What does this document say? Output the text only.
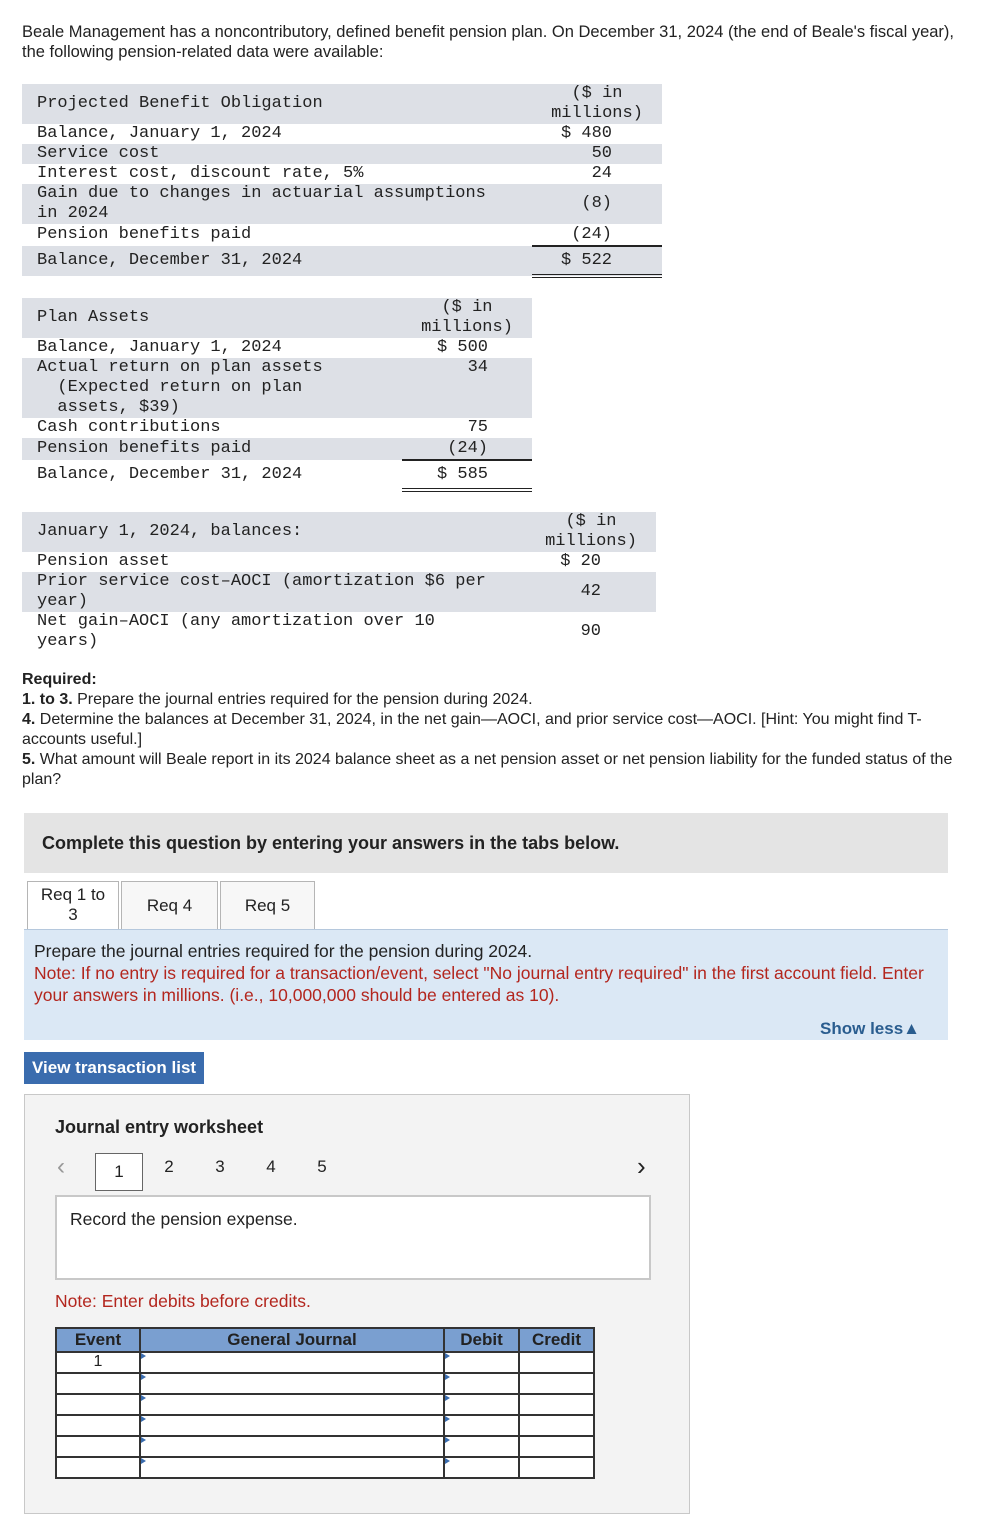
Beale Management has a noncontributory, defined benefit pension plan. On December 31, 2024 (the end of Beale's fiscal year), the following pension-related data were available:
Projected Benefit Obligation	($ in
millions)
Balance, January 1, 2024	$ 480
Service cost	50
Interest cost, discount rate, 5%	24
Gain due to changes in actuarial assumptions
in 2024	(8)
Pension benefits paid	(24)
Balance, December 31, 2024	$ 522
Plan Assets	($ in
millions)
Balance, January 1, 2024	$ 500
Actual return on plan assets
(Expected return on plan
assets, $39)	34
Cash contributions	75
Pension benefits paid	(24)
Balance, December 31, 2024	$ 585
January 1, 2024, balances:	($ in
millions)
Pension asset	$ 20
Prior service cost–AOCI (amortization $6 per
year)	42
Net gain–AOCI (any amortization over 10
years)	90
Required:
1. to 3. Prepare the journal entries required for the pension during 2024.
4. Determine the balances at December 31, 2024, in the net gain—AOCI, and prior service cost—AOCI. [Hint: You might find T-accounts useful.]
5. What amount will Beale report in its 2024 balance sheet as a net pension asset or net pension liability for the funded status of the plan?
Complete this question by entering your answers in the tabs below.
Req 1 to
3	Req 4	Req 5
Prepare the journal entries required for the pension during 2024.
Note: If no entry is required for a transaction/event, select "No journal entry required" in the first account field. Enter your answers in millions. (i.e., 10,000,000 should be entered as 10).
Show less▲
View transaction list
Journal entry worksheet
‹	1	2	3	4	5	›
Record the pension expense.
Note: Enter debits before credits.
Event	General Journal	Debit	Credit
1			
